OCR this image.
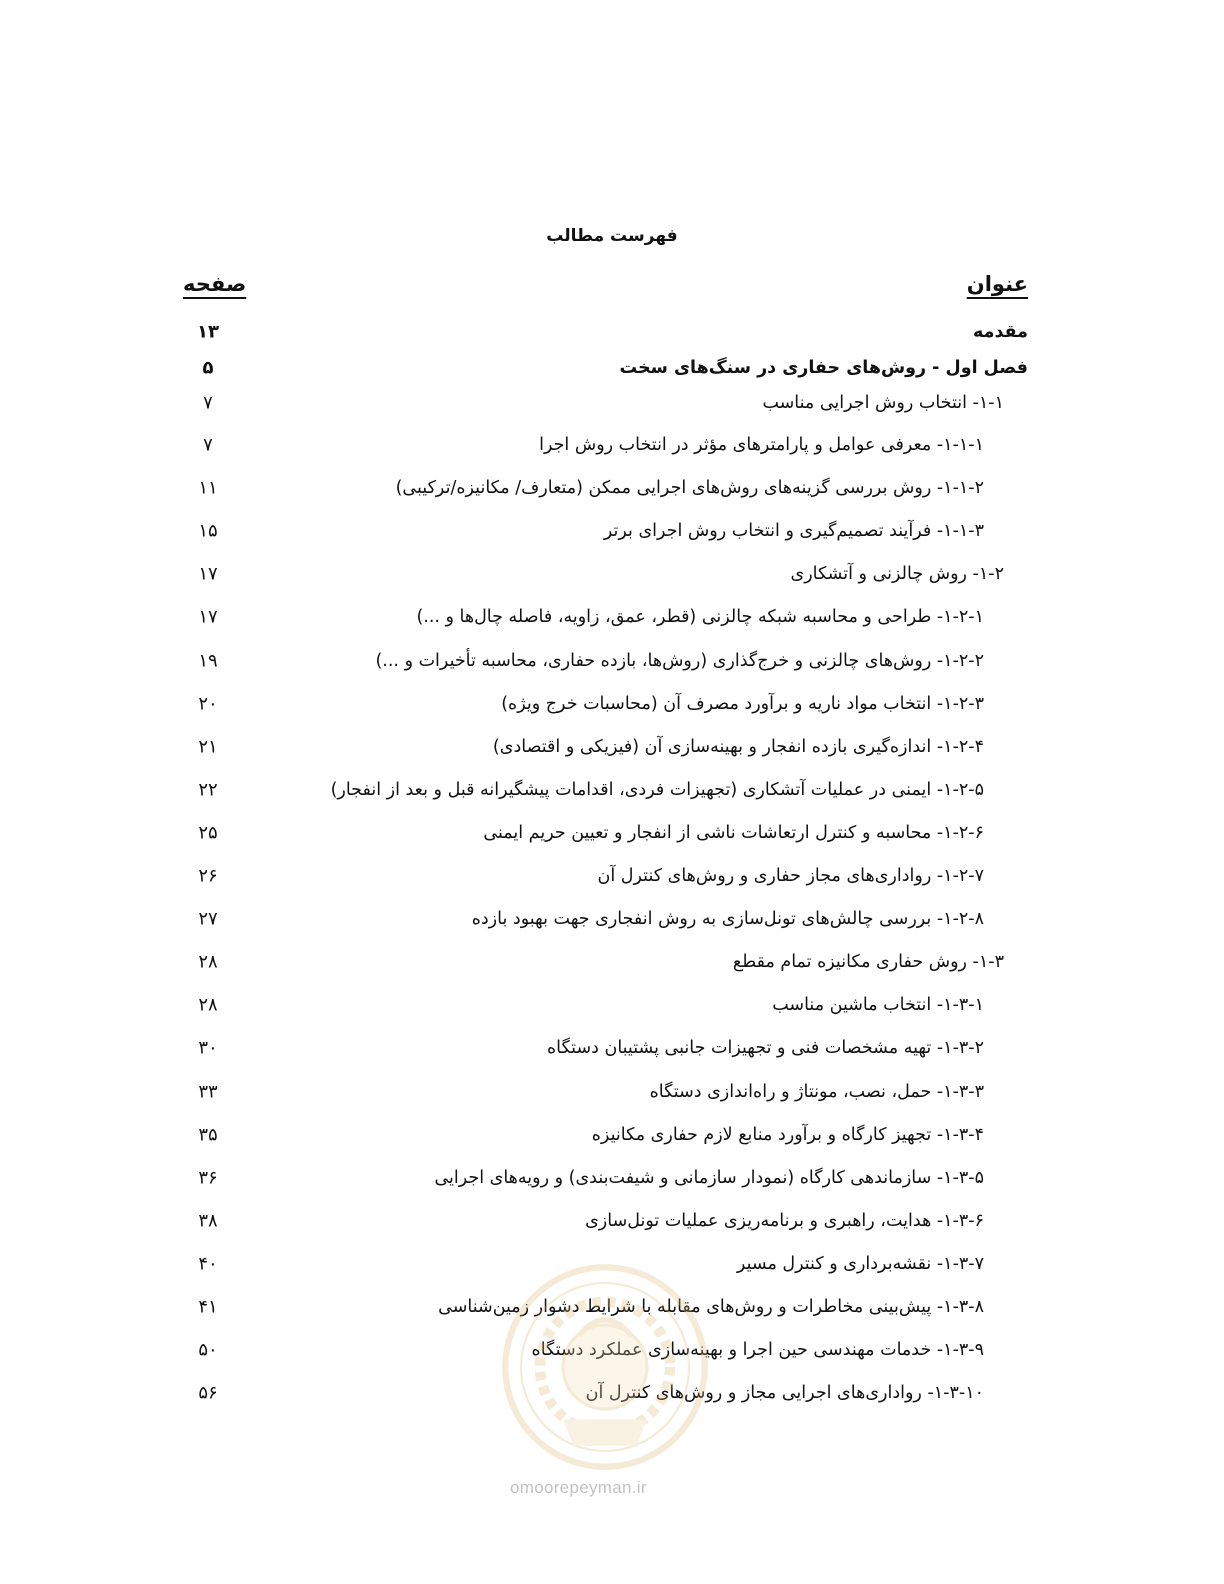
فهرست مطالب
عنوان
صفحه
مقدمه
۱۳
فصل اول - روش‌های حفاری در سنگ‌های سخت
۵
۱-۱- انتخاب روش اجرایی مناسب
۷
۱-۱-۱- معرفی عوامل و پارامترهای مؤثر در انتخاب روش اجرا
۷
۱-۱-۲- روش بررسی گزینه‌های روش‌های اجرایی ممکن (متعارف/ مکانیزه/ترکیبی)
۱۱
۱-۱-۳- فرآیند تصمیم‌گیری و انتخاب روش اجرای برتر
۱۵
۱-۲- روش چالزنی و آتشکاری
۱۷
۱-۲-۱- طراحی و محاسبه شبکه چالزنی (قطر، عمق، زاویه، فاصله چال‌ها و ...)
۱۷
۱-۲-۲- روش‌های چالزنی و خرج‌گذاری (روش‌ها، بازده حفاری، محاسبه تأخیرات و ...)
۱۹
۱-۲-۳- انتخاب مواد ناریه و برآورد مصرف آن (محاسبات خرج ویژه)
۲۰
۱-۲-۴- اندازه‌گیری بازده انفجار و بهینه‌سازی آن (فیزیکی و اقتصادی)
۲۱
۱-۲-۵- ایمنی در عملیات آتشکاری (تجهیزات فردی، اقدامات پیشگیرانه قبل و بعد از انفجار)
۲۲
۱-۲-۶- محاسبه و کنترل ارتعاشات ناشی از انفجار و تعیین حریم ایمنی
۲۵
۱-۲-۷- رواداری‌های مجاز حفاری و روش‌های کنترل آن
۲۶
۱-۲-۸- بررسی چالش‌های تونل‌سازی به روش انفجاری جهت بهبود بازده
۲۷
۱-۳- روش حفاری مکانیزه تمام مقطع
۲۸
۱-۳-۱- انتخاب ماشین مناسب
۲۸
۱-۳-۲- تهیه مشخصات فنی و تجهیزات جانبی پشتیبان دستگاه
۳۰
۱-۳-۳- حمل، نصب، مونتاژ و راه‌اندازی دستگاه
۳۳
۱-۳-۴- تجهیز کارگاه و برآورد منابع لازم حفاری مکانیزه
۳۵
۱-۳-۵- سازماندهی کارگاه (نمودار سازمانی و شیفت‌بندی) و رویه‌های اجرایی
۳۶
۱-۳-۶- هدایت، راهبری و برنامه‌ریزی عملیات تونل‌سازی
۳۸
۱-۳-۷- نقشه‌برداری و کنترل مسیر
۴۰
۱-۳-۸- پیش‌بینی مخاطرات و روش‌های مقابله با شرایط دشوار زمین‌شناسی
۴۱
۱-۳-۹- خدمات مهندسی حین اجرا و بهینه‌سازی عملکرد دستگاه
۵۰
۱-۳-۱۰- رواداری‌های اجرایی مجاز و روش‌های کنترل آن
۵۶
omoorepeyman.ir
